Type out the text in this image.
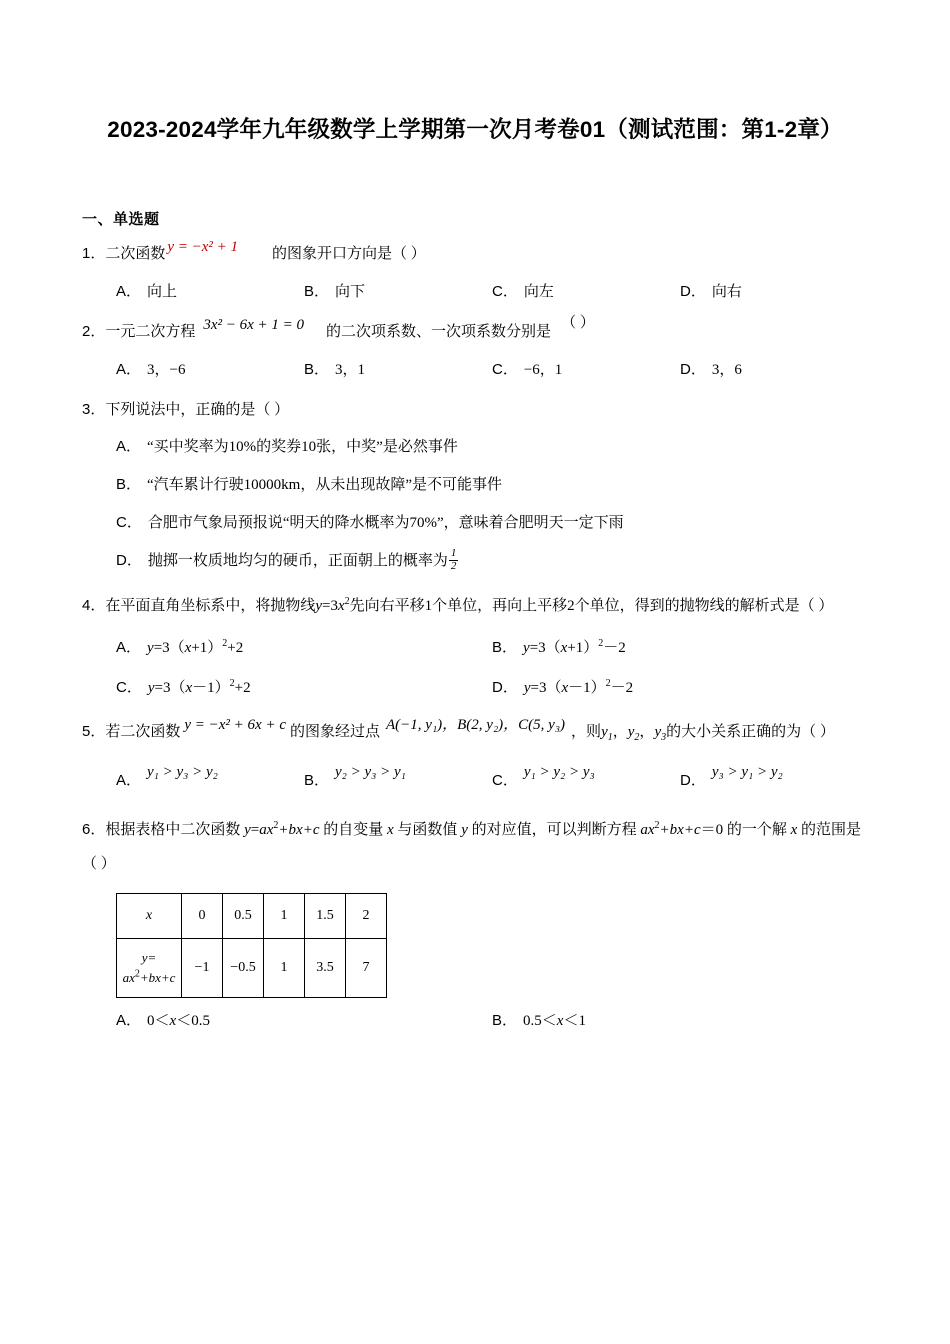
2023-2024学年九年级数学上学期第一次月考卷01（测试范围：第1-2章）
一、单选题
1．二次函数 y = −x² + 1 的图象开口方向是（ ）
A． 向上	B． 向下	C． 向左	D． 向右
2．一元二次方程 3x² − 6x + 1 = 0 的二次项系数、一次项系数分别是（ ）
A． 3，−6	B． 3，1	C． −6，1	D． 3，6
3．下列说法中，正确的是（ ）
A． “买中奖率为10%的奖券10张，中奖”是必然事件
B． “汽车累计行驶10000km，从未出现故障”是不可能事件
C． 合肥市气象局预报说“明天的降水概率为70%”，意味着合肥明天一定下雨
D． 抛掷一枚质地均匀的硬币，正面朝上的概率为 $\frac{1}{2}$
4．在平面直角坐标系中，将抛物线$y=3x^2$先向右平移1个单位，再向上平移2个单位，得到的抛物线的解析式是（ ）
A． $y=3(x+1)^2+2$	B． $y=3(x+1)^2-2$
C． $y=3(x-1)^2+2$	D． $y=3(x-1)^2-2$
5．若二次函数 y = −x² + 6x + c 的图象经过点 A(−1, y₁)，B(2, y₂)，C(5, y₃) ，则$y_1$，$y_2$，$y_3$的大小关系正确的为（ ）
A． y₁ > y₃ > y₂	B． y₂ > y₃ > y₁	C． y₁ > y₂ > y₃	D． y₃ > y₁ > y₂
6．根据表格中二次函数 $y=ax^2+bx+c$ 的自变量 x 与函数值 y 的对应值，可以判断方程 $ax^2+bx+c=0$ 的一个解 x 的范围是（ ）
x	0	0.5	1	1.5	2
y=
$ax^2+bx+c$	−1	−0.5	1	3.5	7
A． 0＜x＜0.5	B． 0.5＜x＜1
